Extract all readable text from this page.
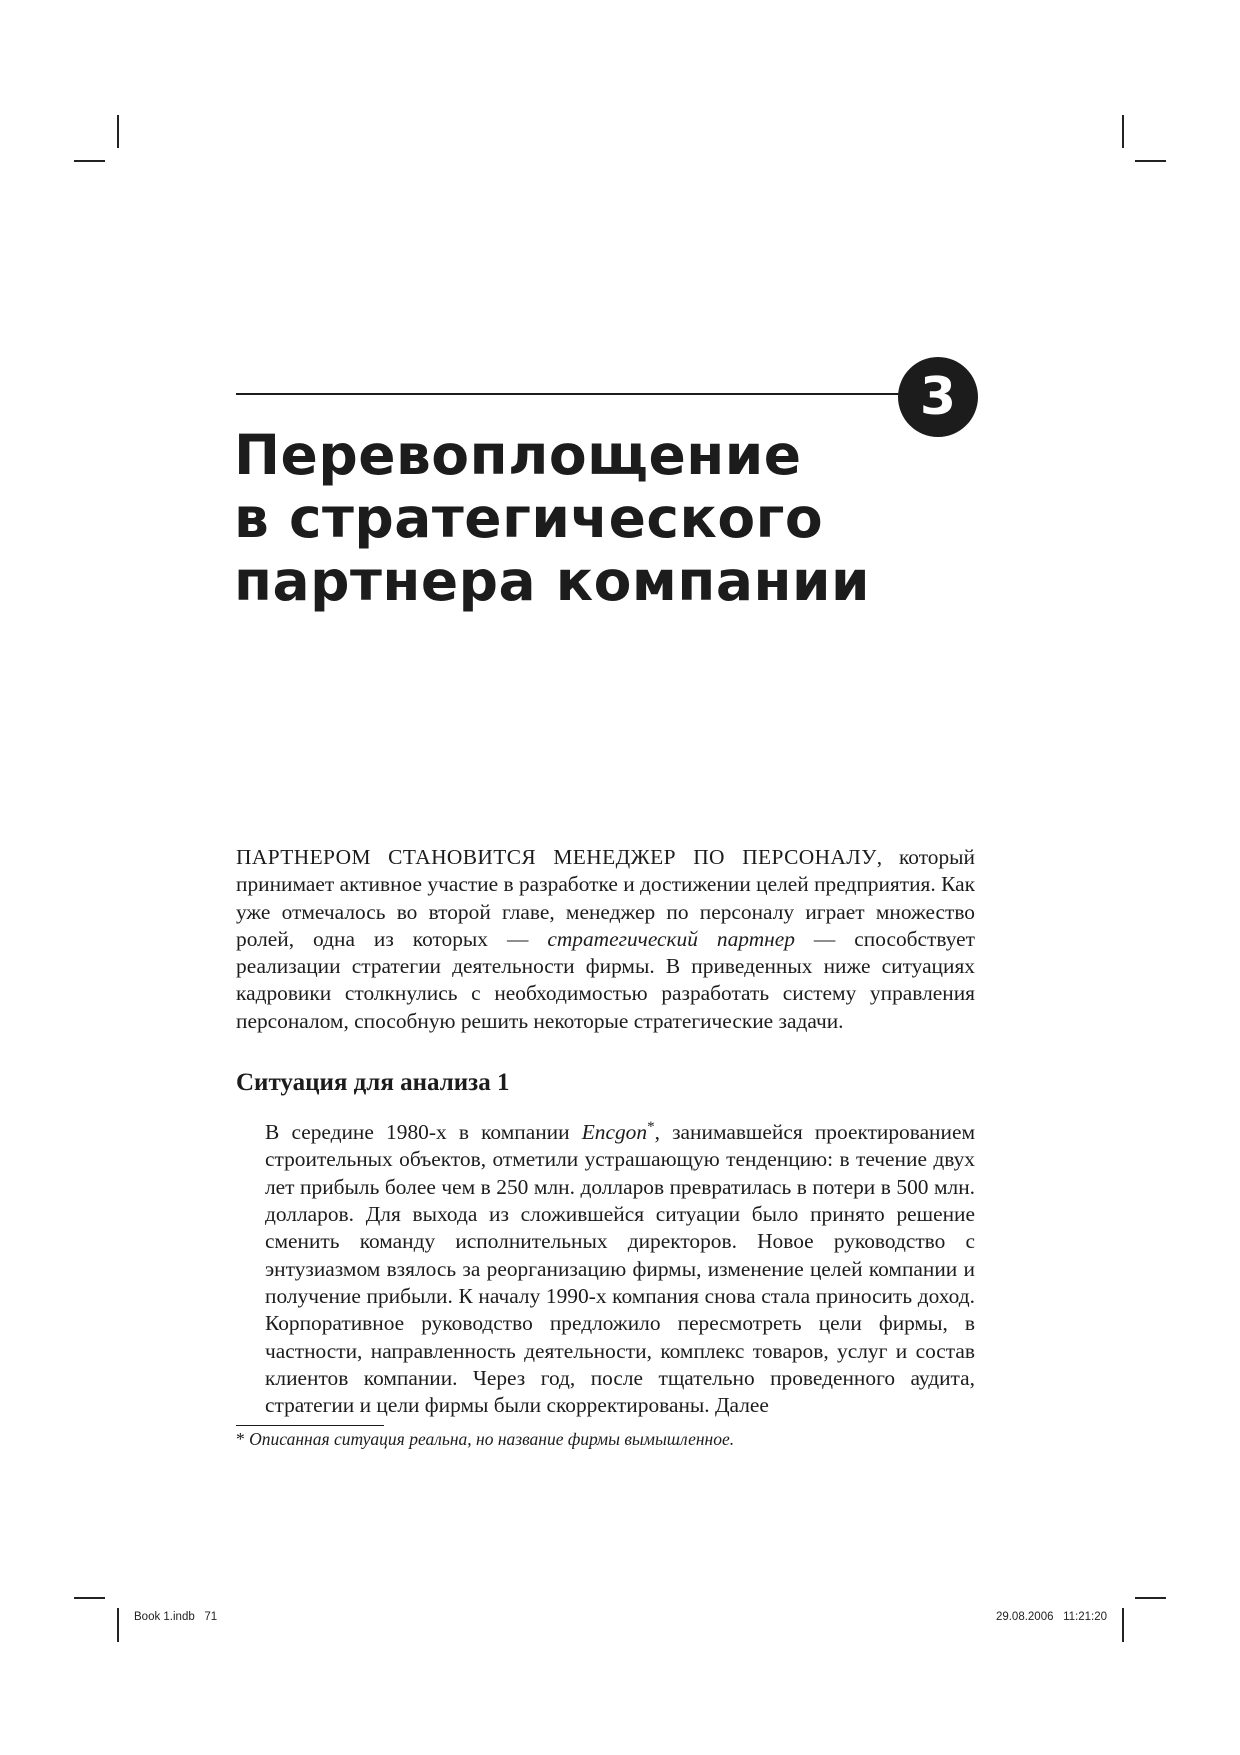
3
Перевоплощение
в стратегического
партнера компании

ПАРТНЕРОМ СТАНОВИТСЯ МЕНЕДЖЕР ПО ПЕРСОНАЛУ, который принимает активное участие в разработке и достижении целей предприятия. Как уже отмечалось во второй главе, менеджер по персоналу играет множество ролей, одна из которых — стратегический партнер — способствует реализации стратегии деятельности фирмы. В приведенных ниже ситуациях кадровики столкнулись с необходимостью разработать систему управления персоналом, способную решить некоторые стратегические задачи.

Ситуация для анализа 1

В середине 1980-х в компании Encgon*, занимавшейся проектированием строительных объектов, отметили устрашающую тенденцию: в течение двух лет прибыль более чем в 250 млн. долларов превратилась в потери в 500 млн. долларов. Для выхода из сложившейся ситуации было принято решение сменить команду исполнительных директоров. Новое руководство с энтузиазмом взялось за реорганизацию фирмы, изменение целей компании и получение прибыли. К началу 1990-х компания снова стала приносить доход. Корпоративное руководство предложило пересмотреть цели фирмы, в частности, направленность деятельности, комплекс товаров, услуг и состав клиентов компании. Через год, после тщательно проведенного аудита, стратегии и цели фирмы были скорректированы. Далее

* Описанная ситуация реальна, но название фирмы вымышленное.

Book 1.indb   71	29.08.2006   11:21:20
